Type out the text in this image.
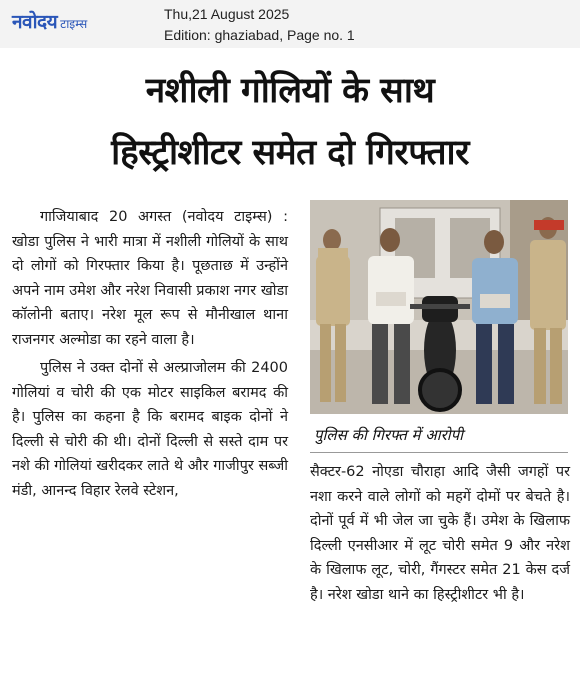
नवोदय टाइम्स
Thu,21 August 2025
Edition: ghaziabad, Page no. 1
नशीली गोलियों के साथ
हिस्ट्रीशीटर समेत दो गिरफ्तार

गाजियाबाद 20 अगस्त (नवोदय टाइम्स) : खोडा पुलिस ने भारी मात्रा में नशीली गोलियों के साथ दो लोगों को गिरफ्तार किया है। पूछताछ में उन्होंने अपने नाम उमेश और नरेश निवासी प्रकाश नगर खोडा कॉलोनी बताए। नरेश मूल रूप से मौनीखाल थाना राजनगर अल्मोडा का रहने वाला है।

पुलिस ने उक्त दोनों से अल्प्राजोलम की 2400 गोलियां व चोरी की एक मोटर साइकिल बरामद की है। पुलिस का कहना है कि बरामद बाइक दोनों ने दिल्ली से चोरी की थी। दोनों दिल्ली से सस्ते दाम पर नशे की गोलियां खरीदकर लाते थे और गाजीपुर सब्जी मंडी, आनन्द विहार रेलवे स्टेशन,

पुलिस की गिरफ्त में आरोपी

सैक्टर-62 नोएडा चौराहा आदि जैसी जगहों पर नशा करने वाले लोगों को महगें दोमों पर बेचते है। दोनों पूर्व में भी जेल जा चुके हैं। उमेश के खिलाफ दिल्ली एनसीआर में लूट चोरी समेत 9 और नरेश के खिलाफ लूट, चोरी, गैंगस्टर समेत 21 केस दर्ज है। नरेश खोडा थाने का हिस्ट्रीशीटर भी है।
